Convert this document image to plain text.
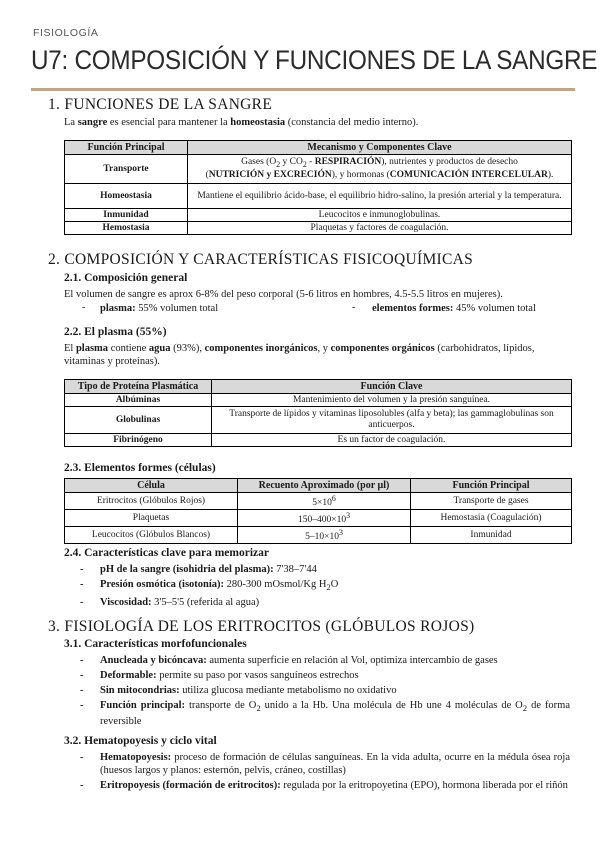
FISIOLOGÍA
U7: COMPOSICIÓN Y FUNCIONES DE LA SANGRE
1. FUNCIONES DE LA SANGRE
La sangre es esencial para mantener la homeostasia (constancia del medio interno).
Función Principal	Mecanismo y Componentes Clave
Transporte	Gases ($O_2$ y $CO_2$ - RESPIRACIÓN), nutrientes y productos de desecho
(NUTRICIÓN y EXCRECIÓN), y hormonas (COMUNICACIÓN INTERCELULAR).
Homeostasia	Mantiene el equilibrio ácido-base, el equilibrio hidro-salino, la presión arterial y la temperatura.
Inmunidad	Leucocitos e inmunoglobulinas.
Hemostasia	Plaquetas y factores de coagulación.
2. COMPOSICIÓN Y CARACTERÍSTICAS FISICOQUÍMICAS
2.1. Composición general
El volumen de sangre es aprox 6-8% del peso corporal (5-6 litros en hombres, 4.5-5.5 litros en mujeres).
- plasma: 55% volumen total	- elementos formes: 45% volumen total
2.2. El plasma (55%)
El plasma contiene agua (93%), componentes inorgánicos, y componentes orgánicos (carbohidratos, lípidos, vitaminas y proteínas).
Tipo de Proteína Plasmática	Función Clave
Albúminas	Mantenimiento del volumen y la presión sanguínea.
Globulinas	Transporte de lípidos y vitaminas liposolubles (alfa y beta); las gammaglobulinas son anticuerpos.
Fibrinógeno	Es un factor de coagulación.
2.3. Elementos formes (células)
Célula	Recuento Aproximado (por µl)	Función Principal
Eritrocitos (Glóbulos Rojos)	$5\times 10^6$	Transporte de gases
Plaquetas	$150-400\times 10^3$	Hemostasia (Coagulación)
Leucocitos (Glóbulos Blancos)	$5-10\times 10^3$	Inmunidad
2.4. Características clave para memorizar
- pH de la sangre (isohidria del plasma): 7'38–7'44
- Presión osmótica (isotonía): 280-300 mOsmol/Kg $H_2O$
- Viscosidad: 3'5–5'5 (referida al agua)
3. FISIOLOGÍA DE LOS ERITROCITOS (GLÓBULOS ROJOS)
3.1. Características morfofuncionales
- Anucleada y bicóncava: aumenta superficie en relación al Vol, optimiza intercambio de gases
- Deformable: permite su paso por vasos sanguíneos estrechos
- Sin mitocondrias: utiliza glucosa mediante metabolismo no oxidativo
- Función principal: transporte de $O_2$ unido a la Hb. Una molécula de Hb une 4 moléculas de $O_2$ de forma reversible
3.2. Hematopoyesis y ciclo vital
- Hematopoyesis: proceso de formación de células sanguíneas. En la vida adulta, ocurre en la médula ósea roja (huesos largos y planos: esternón, pelvis, cráneo, costillas)
- Eritropoyesis (formación de eritrocitos): regulada por la eritropoyetina (EPO), hormona liberada por el riñón
